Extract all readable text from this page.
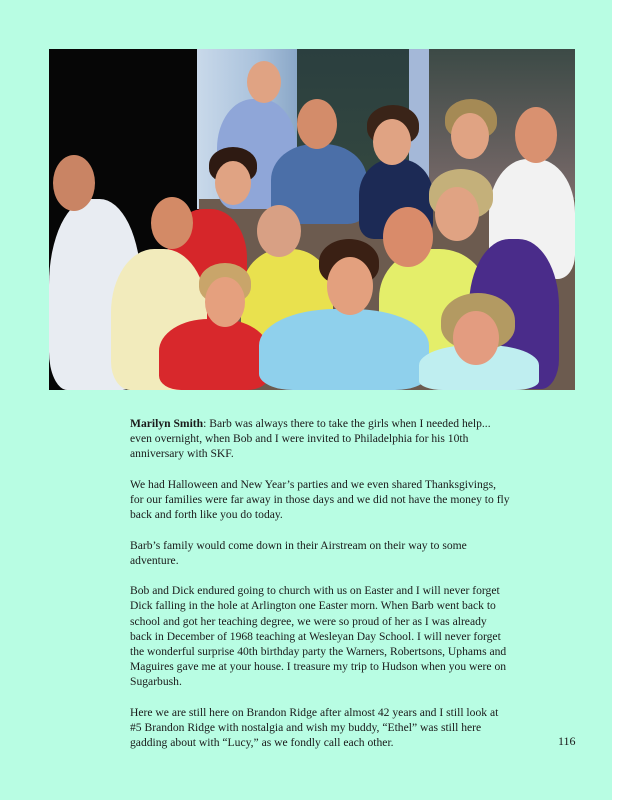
Marilyn Smith: Barb was always there to take the girls when I needed help... even overnight, when Bob and I were invited to Philadelphia for his 10th anniversary with SKF.

We had Halloween and New Year’s parties and we even shared Thanksgivings, for our families were far away in those days and we did not have the money to fly back and forth like you do today.

Barb’s family would come down in their Airstream on their way to some adventure.

Bob and Dick endured going to church with us on Easter and I will never forget Dick falling in the hole at Arlington one Easter morn. When Barb went back to school and got her teaching degree, we were so proud of her as I was already back in December of 1968 teaching at Wesleyan Day School. I will never forget the wonderful surprise 40th birthday party the Warners, Robertsons, Uphams and Maguires gave me at your house. I treasure my trip to Hudson when you were on Sugarbush.

Here we are still here on Brandon Ridge after almost 42 years and I still look at #5 Brandon Ridge with nostalgia and wish my buddy, “Ethel” was still here gadding about with “Lucy,” as we fondly call each other.	116
